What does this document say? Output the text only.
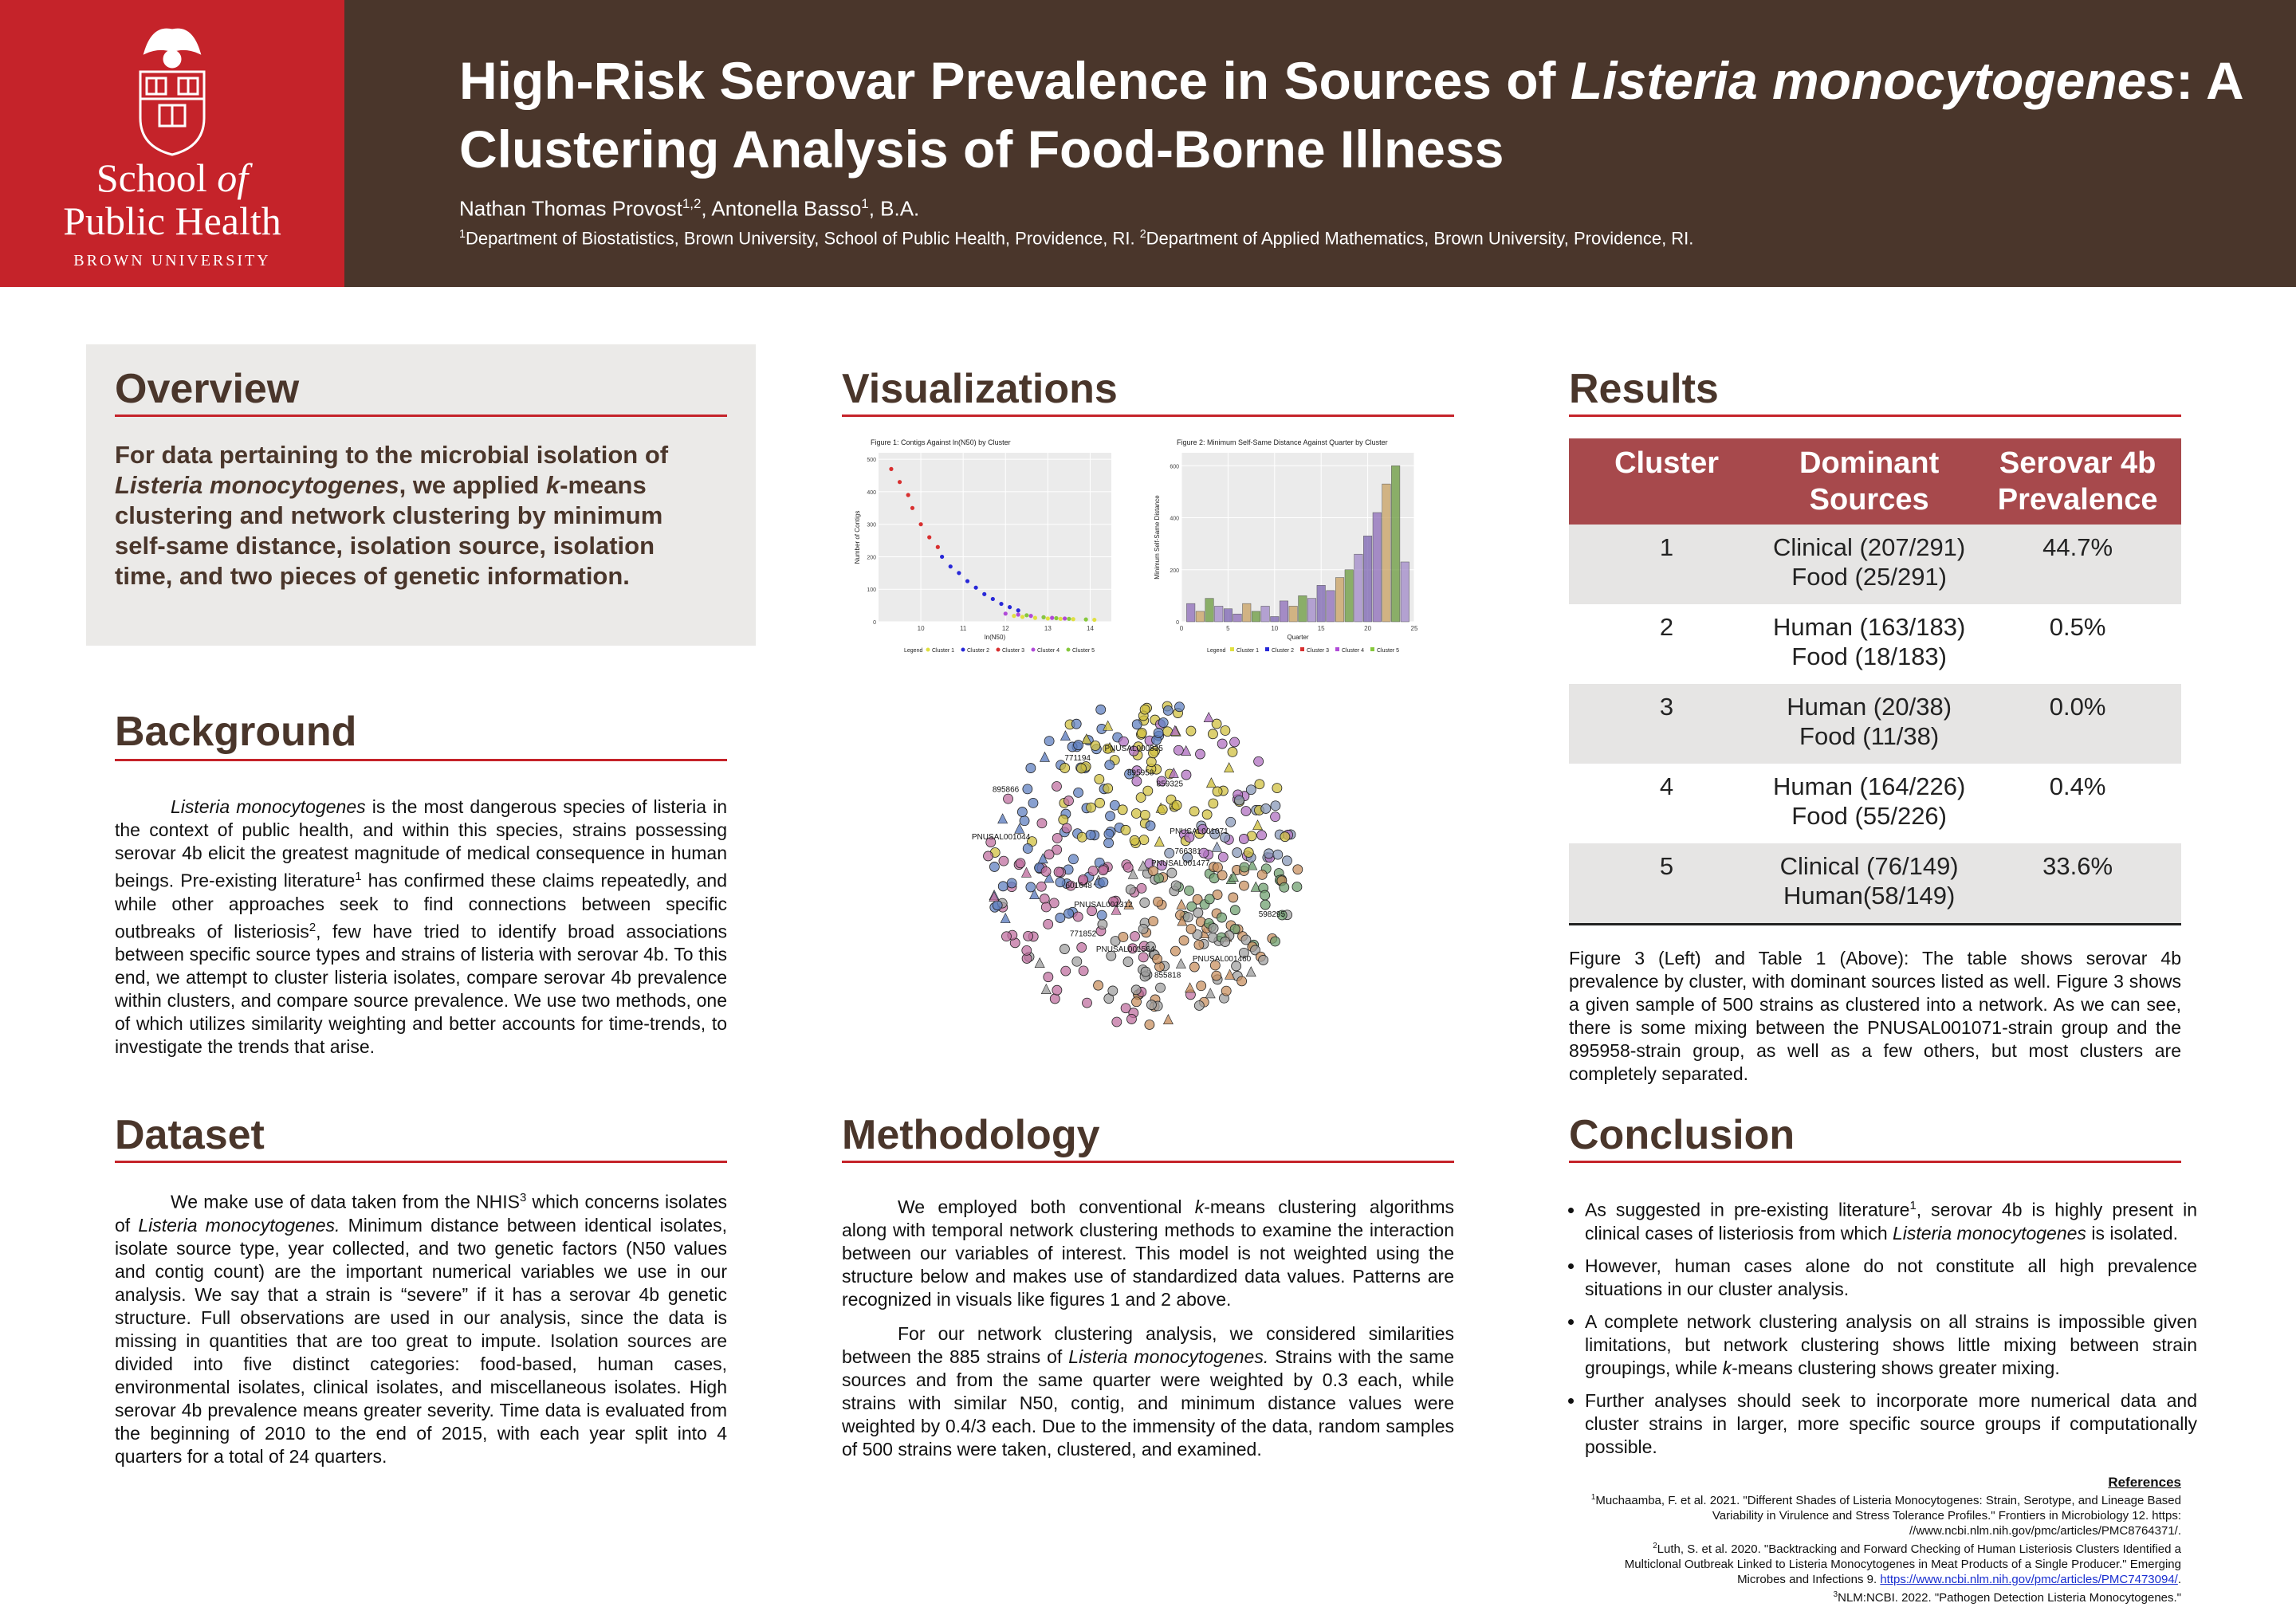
School of
Public Health
BROWN UNIVERSITY
High-Risk Serovar Prevalence in Sources of Listeria monocytogenes: A Clustering Analysis of Food-Borne Illness
Nathan Thomas Provost$^{1,2}$, Antonella Basso$^1$, B.A.
$^1$Department of Biostatistics, Brown University, School of Public Health, Providence, RI. $^2$Department of Applied Mathematics, Brown University, Providence, RI.
Overview
For data pertaining to the microbial isolation of Listeria monocytogenes, we applied k-means clustering and network clustering by minimum self-same distance, isolation source, isolation time, and two pieces of genetic information.
Background

Listeria monocytogenes is the most dangerous species of listeria in the context of public health, and within this species, strains possessing serovar 4b elicit the greatest magnitude of medical consequence in human beings. Pre-existing literature$^1$ has confirmed these claims repeatedly, and while other approaches seek to find connections between specific outbreaks of listeriosis$^2$, few have tried to identify broad associations between specific source types and strains of listeria with serovar 4b. To this end, we attempt to cluster listeria isolates, compare serovar 4b prevalence within clusters, and compare source prevalence. We use two methods, one of which utilizes similarity weighting and better accounts for time-trends, to investigate the trends that arise.

Dataset

We make use of data taken from the NHIS$^3$ which concerns isolates of Listeria monocytogenes. Minimum distance between identical isolates, isolate source type, year collected, and two genetic factors (N50 values and contig count) are the important numerical variables we use in our analysis. We say that a strain is “severe” if it has a serovar 4b genetic structure. Full observations are used in our analysis, since the data is missing in quantities that are too great to impute. Isolation sources are divided into five distinct categories: food-based, human cases, environmental isolates, clinical isolates, and miscellaneous isolates. High serovar 4b prevalence means greater severity. Time data is evaluated from the beginning of 2010 to the end of 2015, with each year split into 4 quarters for a total of 24 quarters.

Visualizations
Figure 1: Contigs Against ln(N50) by Cluster
10	11	12	13	14
0
100
200
300
400
500
Number of Contigs
ln(N50)
Legend Cluster 1 Cluster 2 Cluster 3 Cluster 4 Cluster 5
Figure 2: Minimum Self-Same Distance Against Quarter by Cluster
0	5	10	15	20	25
0
200
400
600
Minimum Self-Same Distance
Quarter
Legend Cluster 1 Cluster 2 Cluster 3 Cluster 4 Cluster 5
PNUSAL001477
PNUSAL001312
895958
PNUSAL001460
PNUSAL001044
PNUSAL001071
PNUSAL001564
771194
598295
601648
859325
855818
895866
766381
771852
PNUSAL000835
Methodology

We employed both conventional k-means clustering algorithms along with temporal network clustering methods to examine the interaction between our variables of interest. This model is not weighted using the structure below and makes use of standardized data values. Patterns are recognized in visuals like figures 1 and 2 above.

For our network clustering analysis, we considered similarities between the 885 strains of Listeria monocytogenes. Strains with the same sources and from the same quarter were weighted by 0.3 each, while strains with similar N50, contig, and minimum distance values were weighted by 0.4/3 each. Due to the immensity of the data, random samples of 500 strains were taken, clustered, and examined.

Results
Cluster	Dominant Sources	Serovar 4b Prevalence
1	Clinical (207/291)
Food (25/291)	44.7%
2	Human (163/183)
Food (18/183)	0.5%
3	Human (20/38)
Food (11/38)	0.0%
4	Human (164/226)
Food (55/226)	0.4%
5	Clinical (76/149)
Human(58/149)	33.6%
Figure 3 (Left) and Table 1 (Above): The table shows serovar 4b prevalence by cluster, with dominant sources listed as well. Figure 3 shows a given sample of 500 strains as clustered into a network. As we can see, there is some mixing between the PNUSAL001071-strain group and the 895958-strain group, as well as a few others, but most clusters are completely separated.
Conclusion
• As suggested in pre-existing literature$^1$, serovar 4b is highly present in clinical cases of listeriosis from which Listeria monocytogenes is isolated.
• However, human cases alone do not constitute all high prevalence situations in our cluster analysis.
• A complete network clustering analysis on all strains is impossible given limitations, but network clustering shows little mixing between strain groupings, while k-means clustering shows greater mixing.
• Further analyses should seek to incorporate more numerical data and cluster strains in larger, more specific source groups if computationally possible.
References
$^1$Muchaamba, F. et al. 2021. "Different Shades of Listeria Monocytogenes: Strain, Serotype, and Lineage Based
Variability in Virulence and Stress Tolerance Profiles." Frontiers in Microbiology 12. https:
//www.ncbi.nlm.nih.gov/pmc/articles/PMC8764371/.
$^2$Luth, S. et al. 2020. "Backtracking and Forward Checking of Human Listeriosis Clusters Identified a
Multiclonal Outbreak Linked to Listeria Monocytogenes in Meat Products of a Single Producer." Emerging
Microbes and Infections 9. https://www.ncbi.nlm.nih.gov/pmc/articles/PMC7473094/.
$^3$NLM:NCBI. 2022. "Pathogen Detection Listeria Monocytogenes."
